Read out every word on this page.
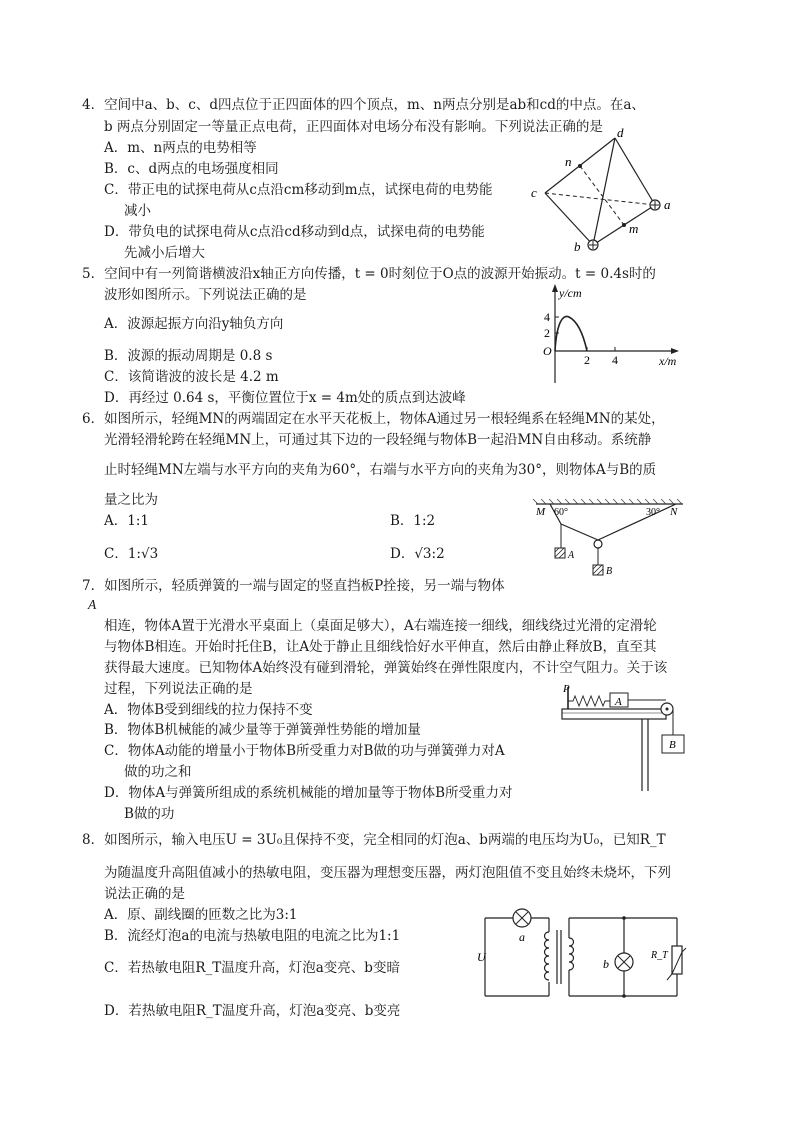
4．空间中a、b、c、d四点位于正四面体的四个顶点，m、n两点分别是ab和cd的中点。在a、
b 两点分别固定一等量正点电荷，正四面体对电场分布没有影响。下列说法正确的是
A．m、n两点的电势相等
B．c、d两点的电场强度相同
C．带正电的试探电荷从c点沿cm移动到m点，试探电荷的电势能
减小
D．带负电的试探电荷从c点沿cd移动到d点，试探电荷的电势能
先减小后增大
d
n
c
a
m
b
5．空间中有一列简谐横波沿x轴正方向传播，t = 0时刻位于O点的波源开始振动。t = 0.4s时的
波形如图所示。下列说法正确的是
A．波源起振方向沿y轴负方向
B．波源的振动周期是 0.8 s
C．该简谐波的波长是 4.2 m
D．再经过 0.64 s，平衡位置位于x = 4m处的质点到达波峰
y/cm
x/m
O
4
2
2 4
6．如图所示，轻绳MN的两端固定在水平天花板上，物体A通过另一根轻绳系在轻绳MN的某处，
光滑轻滑轮跨在轻绳MN上，可通过其下边的一段轻绳与物体B一起沿MN自由移动。系统静
止时轻绳MN左端与水平方向的夹角为60°，右端与水平方向的夹角为30°，则物体A与B的质
量之比为
A．1:1	B．1:2
C．1:√3	D．√3:2
M 60°	30° N
A
B
7．如图所示，轻质弹簧的一端与固定的竖直挡板P拴接，另一端与物体
A
相连，物体A置于光滑水平桌面上（桌面足够大），A右端连接一细线，细线绕过光滑的定滑轮
与物体B相连。开始时托住B，让A处于静止且细线恰好水平伸直，然后由静止释放B，直至其
获得最大速度。已知物体A始终没有碰到滑轮，弹簧始终在弹性限度内，不计空气阻力。关于该
过程，下列说法正确的是
A．物体B受到细线的拉力保持不变
B．物体B机械能的减少量等于弹簧弹性势能的增加量
C．物体A动能的增量小于物体B所受重力对B做的功与弹簧弹力对A
做的功之和
D．物体A与弹簧所组成的系统机械能的增加量等于物体B所受重力对
B做的功
P
A
B
8．如图所示，输入电压U = 3U₀且保持不变，完全相同的灯泡a、b两端的电压均为U₀，已知R_T
为随温度升高阻值减小的热敏电阻，变压器为理想变压器，两灯泡阻值不变且始终未烧坏，下列
说法正确的是
A．原、副线圈的匝数之比为3:1
B．流经灯泡a的电流与热敏电阻的电流之比为1:1
C．若热敏电阻R_T温度升高，灯泡a变亮、b变暗
D．若热敏电阻R_T温度升高，灯泡a变亮、b变亮
U
a
b
R_T
